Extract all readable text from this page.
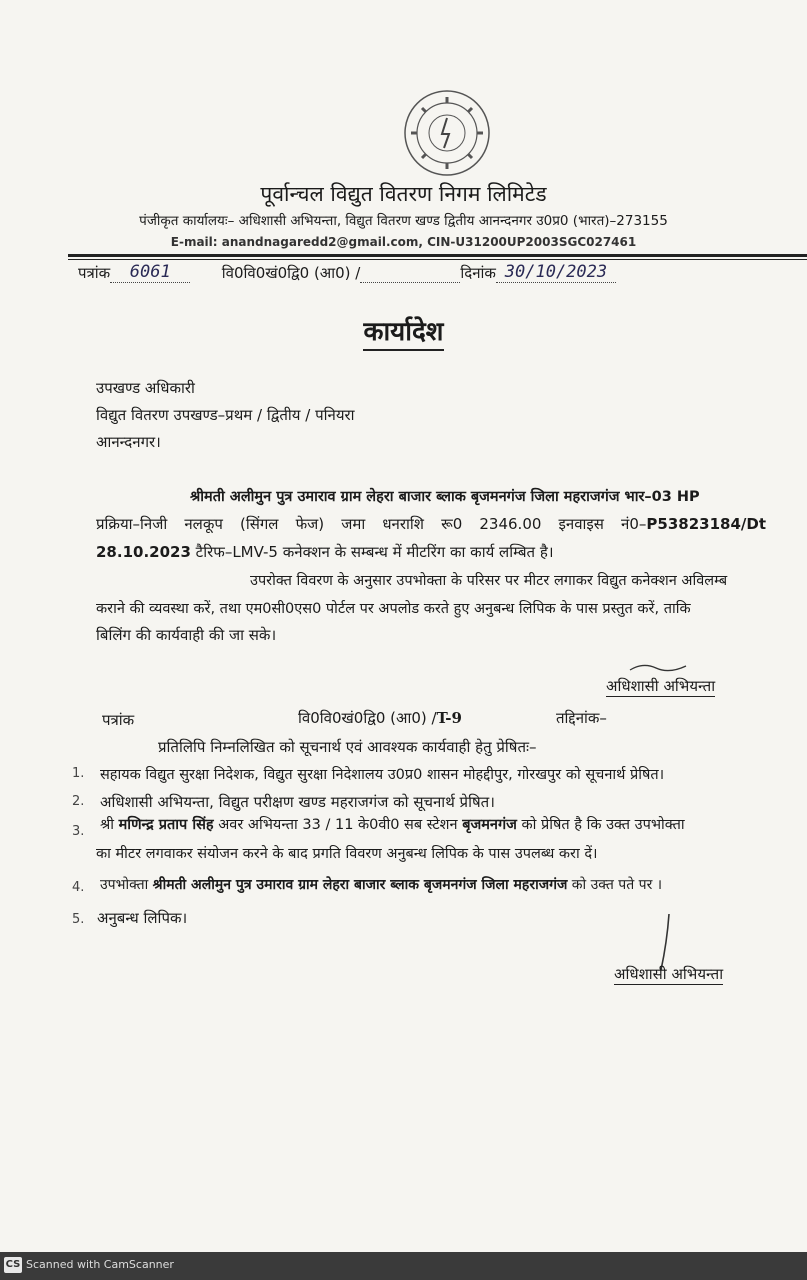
पूर्वान्चल विद्युत वितरण निगम लिमिटेड
पंजीकृत कार्यालयः– अधिशासी अभियन्ता, विद्युत वितरण खण्ड द्वितीय आनन्दनगर उ0प्र0 (भारत)–273155
E-mail: anandnagaredd2@gmail.com, CIN-U31200UP2003SGC027461
पत्रांक 6061	वि0वि0खं0द्वि0 (आ0) /	दिनांक 30/10/2023
कार्यादेश
उपखण्ड अधिकारी
विद्युत वितरण उपखण्ड–प्रथम / द्वितीय / पनियरा
आनन्दनगर।
श्रीमती अलीमुन पुत्र उमाराव ग्राम लेहरा बाजार ब्लाक बृजमनगंज जिला महराजगंज भार–03 HP
प्रक्रिया–निजी नलकूप (सिंगल फेज) जमा धनराशि रू0 2346.00 इनवाइस नं0–P53823184/Dt
28.10.2023 टैरिफ–LMV-5 कनेक्शन के सम्बन्ध में मीटरिंग का कार्य लम्बित है।
उपरोक्त विवरण के अनुसार उपभोक्ता के परिसर पर मीटर लगाकर विद्युत कनेक्शन अविलम्ब
कराने की व्यवस्था करें, तथा एम0सी0एस0 पोर्टल पर अपलोड करते हुए अनुबन्ध लिपिक के पास प्रस्तुत करें, ताकि
बिलिंग की कार्यवाही की जा सके।
अधिशासी अभियन्ता
पत्रांक	वि0वि0खं0द्वि0 (आ0) /T-9	तद्दिनांक–
प्रतिलिपि निम्नलिखित को सूचनार्थ एवं आवश्यक कार्यवाही हेतु प्रेषितः–
1. सहायक विद्युत सुरक्षा निदेशक, विद्युत सुरक्षा निदेशालय उ0प्र0 शासन मोहद्दीपुर, गोरखपुर को सूचनार्थ प्रेषित।
2. अधिशासी अभियन्ता, विद्युत परीक्षण खण्ड महराजगंज को सूचनार्थ प्रेषित।
3. श्री मणिन्द्र प्रताप सिंह अवर अभियन्ता 33 / 11 के0वी0 सब स्टेशन बृजमनगंज को प्रेषित है कि उक्त उपभोक्ता
का मीटर लगवाकर संयोजन करने के बाद प्रगति विवरण अनुबन्ध लिपिक के पास उपलब्ध करा दें।
4. उपभोक्ता श्रीमती अलीमुन पुत्र उमाराव ग्राम लेहरा बाजार ब्लाक बृजमनगंज जिला महराजगंज को उक्त पते पर ।
5. अनुबन्ध लिपिक।
अधिशासी अभियन्ता
CS Scanned with CamScanner
